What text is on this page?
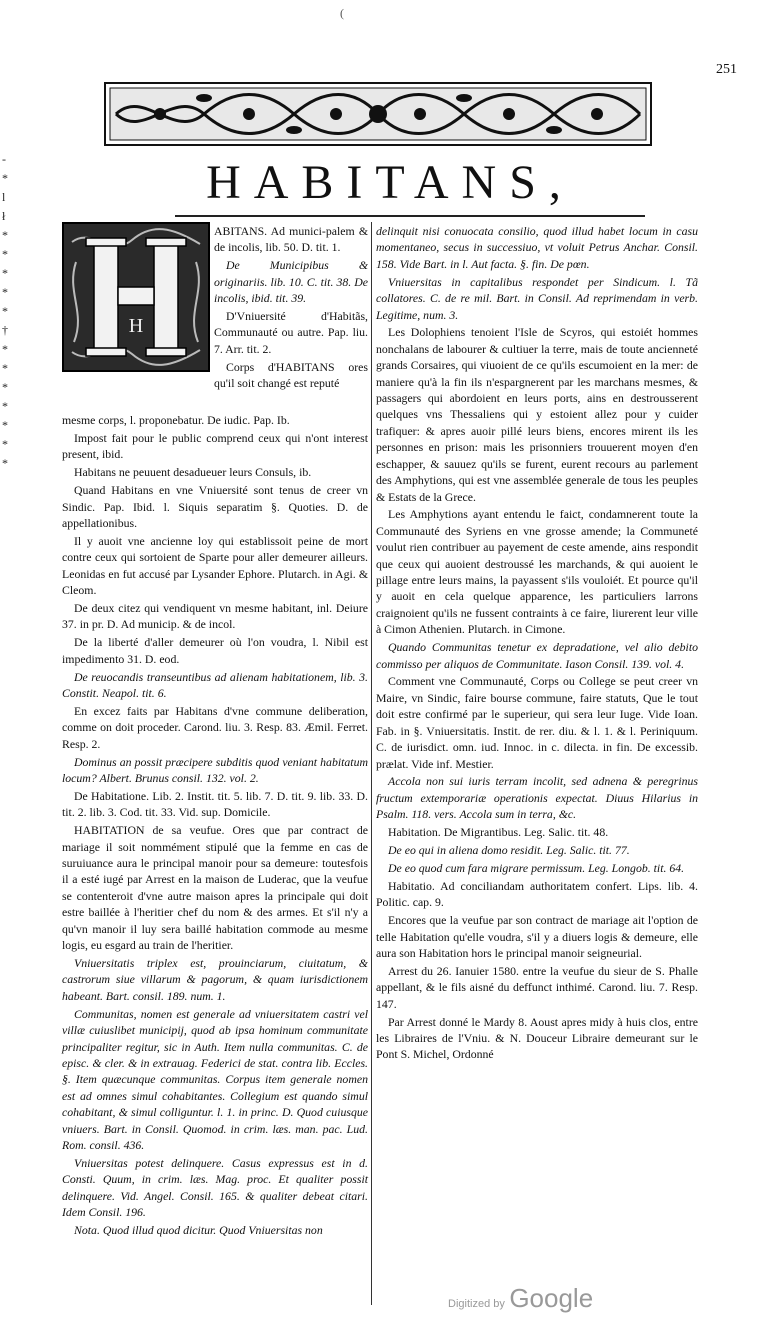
(
251
HABITANS,
-
*
l
ł
*
*
*
*
*
†
*
*
*
*
*
*
*
H

ABITANS. Ad munici-palem & de incolis, lib. 50. D. tit. 1.

De Municipibus & originariis. lib. 10. C. tit. 38. De incolis, ibid. tit. 39.

D'Vniuersité d'Habitãs, Communauté ou autre. Pap. liu. 7. Arr. tit. 2.

Corps d'HABITANS ores qu'il soit changé est reputé

mesme corps, l. proponebatur. De iudic. Pap. Ib.

Impost fait pour le public comprend ceux qui n'ont interest present, ibid.

Habitans ne peuuent desadueuer leurs Consuls, ib.

Quand Habitans en vne Vniuersité sont tenus de creer vn Sindic. Pap. Ibid. l. Siquis separatim §. Quoties. D. de appellationibus.

Il y auoit vne ancienne loy qui establissoit peine de mort contre ceux qui sortoient de Sparte pour aller demeurer ailleurs. Leonidas en fut accusé par Lysander Ephore. Plutarch. in Agi. & Cleom.

De deux citez qui vendiquent vn mesme habitant, inl. Deiure 37. in pr. D. Ad municip. & de incol.

De la liberté d'aller demeurer où l'on voudra, l. Nibil est impedimento 31. D. eod.

De reuocandis transeuntibus ad alienam habitationem, lib. 3. Constit. Neapol. tit. 6.

En excez faits par Habitans d'vne commune deliberation, comme on doit proceder. Carond. liu. 3. Resp. 83. Æmil. Ferret. Resp. 2.

Dominus an possit præcipere subditis quod veniant habitatum locum? Albert. Brunus consil. 132. vol. 2.

De Habitatione. Lib. 2. Instit. tit. 5. lib. 7. D. tit. 9. lib. 33. D. tit. 2. lib. 3. Cod. tit. 33. Vid. sup. Domicile.

HABITATION de sa veufue. Ores que par contract de mariage il soit nommément stipulé que la femme en cas de suruiuance aura le principal manoir pour sa demeure: toutesfois il a esté iugé par Arrest en la maison de Luderac, que la veufue se contenteroit d'vne autre maison apres la principale qui doit estre baillée à l'heritier chef du nom & des armes. Et s'il n'y a qu'vn manoir il luy sera baillé habitation commode au mesme logis, eu esgard au train de l'heritier.

Vniuersitatis triplex est, prouinciarum, ciuitatum, & castrorum siue villarum & pagorum, & quam iurisdictionem habeant. Bart. consil. 189. num. 1.

Communitas, nomen est generale ad vniuersitatem castri vel villæ cuiuslibet municipij, quod ab ipsa hominum communitate principaliter regitur, sic in Auth. Item nulla communitas. C. de episc. & cler. & in extrauag. Federici de stat. contra lib. Eccles. §. Item quæcunque communitas. Corpus item generale nomen est ad omnes simul cohabitantes. Collegium est quando simul cohabitant, & simul colliguntur. l. 1. in princ. D. Quod cuiusque vniuers. Bart. in Consil. Quomod. in crim. læs. man. pac. Lud. Rom. consil. 436.

Vniuersitas potest delinquere. Casus expressus est in d. Consti. Quum, in crim. læs. Mag. proc. Et qualiter possit delinquere. Vid. Angel. Consil. 165. & qualiter debeat citari. Idem Consil. 196.

Nota. Quod illud quod dicitur. Quod Vniuersitas non

delinquit nisi conuocata consilio, quod illud habet locum in casu momentaneo, secus in successiuo, vt voluit Petrus Anchar. Consil. 158. Vide Bart. in l. Aut facta. §. fin. De pœn.

Vniuersitas in capitalibus respondet per Sindicum. l. Tã collatores. C. de re mil. Bart. in Consil. Ad reprimendam in verb. Legitime, num. 3.

Les Dolophiens tenoient l'Isle de Scyros, qui estoiét hommes nonchalans de labourer & cultiuer la terre, mais de toute ancienneté grands Corsaires, qui viuoient de ce qu'ils escumoient en la mer: de maniere qu'à la fin ils n'espargnerent par les marchans mesmes, & passagers qui abordoient en leurs ports, ains en destrousserent quelques vns Thessaliens qui y estoient allez pour y cuider trafiquer: & apres auoir pillé leurs biens, encores mirent ils les personnes en prison: mais les prisonniers trouuerent moyen d'en eschapper, & sauuez qu'ils se furent, eurent recours au parlement des Amphytions, qui est vne assemblée generale de tous les peuples & Estats de la Grece.

Les Amphytions ayant entendu le faict, condamnerent toute la Communauté des Syriens en vne grosse amende; la Communeté voulut rien contribuer au payement de ceste amende, ains respondit que ceux qui auoient destroussé les marchands, & qui auoient le pillage entre leurs mains, la payassent s'ils vouloiét. Et pource qu'il y auoit en cela quelque apparence, les particuliers larrons craignoient qu'ils ne fussent contraints à ce faire, liurerent leur ville à Cimon Athenien. Plutarch. in Cimone.

Quando Communitas tenetur ex depradatione, vel alio debito commisso per aliquos de Communitate. Iason Consil. 139. vol. 4.

Comment vne Communauté, Corps ou College se peut creer vn Maire, vn Sindic, faire bourse commune, faire statuts, Que le tout doit estre confirmé par le superieur, qui sera leur Iuge. Vide Ioan. Fab. in §. Vniuersitatis. Instit. de rer. diu. & l. 1. & l. Periniquum. C. de iurisdict. omn. iud. Innoc. in c. dilecta. in fin. De excessib. prælat. Vide inf. Mestier.

Accola non sui iuris terram incolit, sed adnena & peregrinus fructum extemporariæ operationis expectat. Diuus Hilarius in Psalm. 118. vers. Accola sum in terra, &c.

Habitation. De Migrantibus. Leg. Salic. tit. 48.

De eo qui in aliena domo residit. Leg. Salic. tit. 77.

De eo quod cum fara migrare permissum. Leg. Longob. tit. 64.

Habitatio. Ad conciliandam authoritatem confert. Lips. lib. 4. Politic. cap. 9.

Encores que la veufue par son contract de mariage ait l'option de telle Habitation qu'elle voudra, s'il y a diuers logis & demeure, elle aura son Habitation hors le principal manoir seigneurial.

Arrest du 26. Ianuier 1580. entre la veufue du sieur de S. Phalle appellant, & le fils aisné du deffunct inthimé. Carond. liu. 7. Resp. 147.

Par Arrest donné le Mardy 8. Aoust apres midy à huis clos, entre les Libraires de l'Vniu. & N. Douceur Libraire demeurant sur le Pont S. Michel, Ordonné

Digitized by Google
